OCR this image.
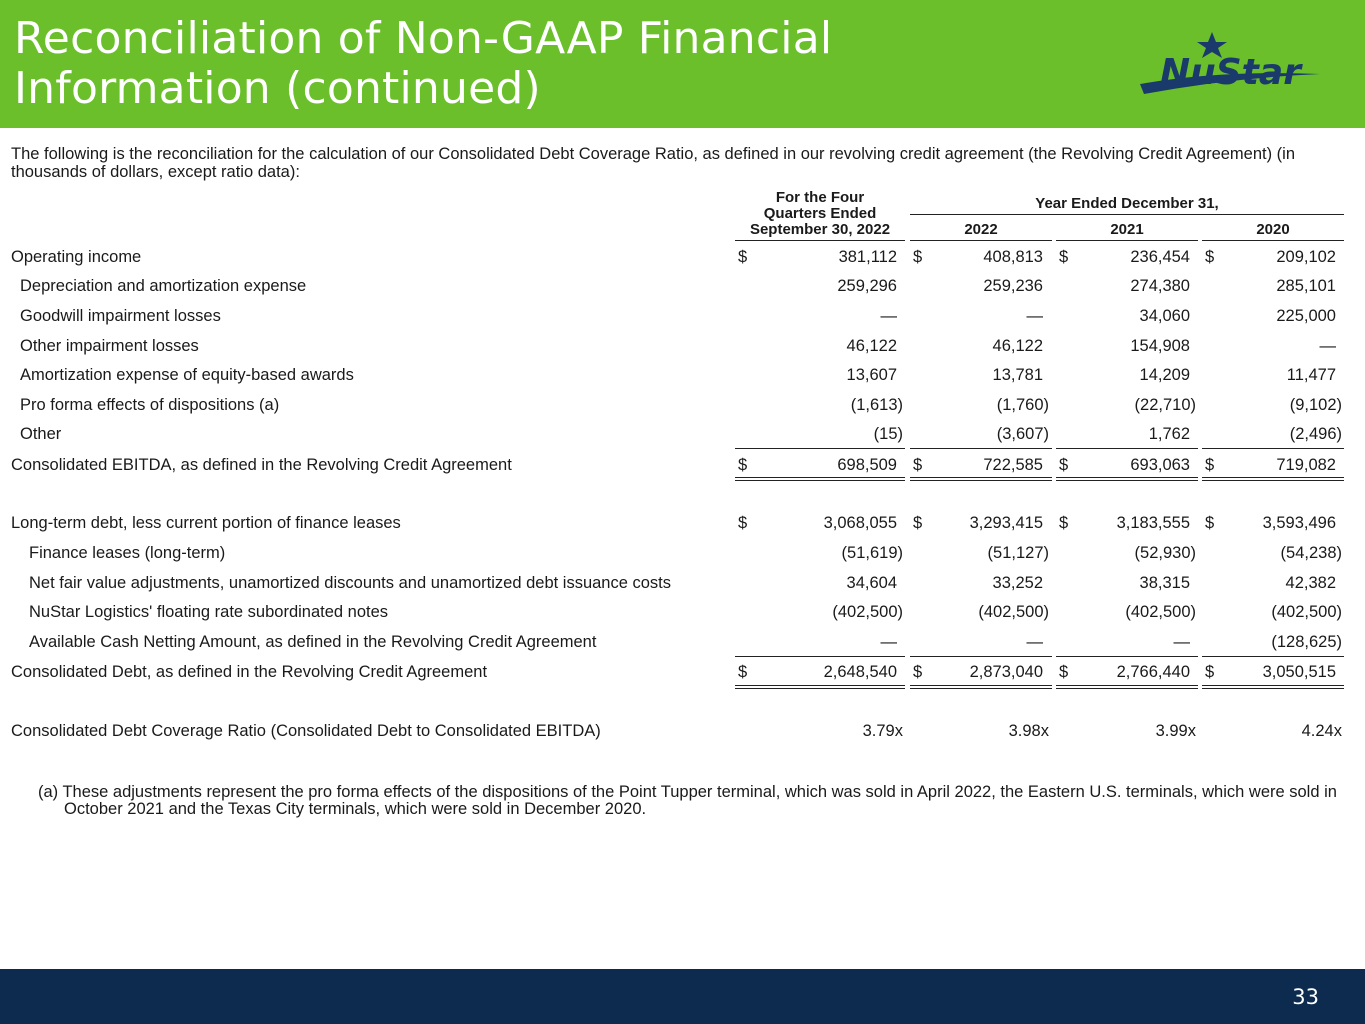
Reconciliation of Non-GAAP Financial
Information (continued)	NuStar
The following is the reconciliation for the calculation of our Consolidated Debt Coverage Ratio, as defined in our revolving credit agreement (the Revolving Credit Agreement) (in thousands of dollars, except ratio data):
For the Four
Quarters Ended
September 30, 2022
Year Ended December 31,
2022	2021	2020
Operating income	$	381,112 $	408,813 $	236,454 $	209,102
Depreciation and amortization expense	259,296	259,236	274,380	285,101
Goodwill impairment losses	—	—	34,060	225,000
Other impairment losses	46,122	46,122	154,908	—
Amortization expense of equity-based awards	13,607	13,781	14,209	11,477
Pro forma effects of dispositions (a)	(1,613)	(1,760)	(22,710)	(9,102)
Other	(15)	(3,607)	1,762	(2,496)
Consolidated EBITDA, as defined in the Revolving Credit Agreement	$	698,509 $	722,585 $	693,063 $	719,082
Long-term debt, less current portion of finance leases	$	3,068,055 $	3,293,415 $	3,183,555 $	3,593,496
Finance leases (long-term)	(51,619)	(51,127)	(52,930)	(54,238)
Net fair value adjustments, unamortized discounts and unamortized debt issuance costs	34,604	33,252	38,315	42,382
NuStar Logistics' floating rate subordinated notes	(402,500)	(402,500)	(402,500)	(402,500)
Available Cash Netting Amount, as defined in the Revolving Credit Agreement	—	—	—	(128,625)
Consolidated Debt, as defined in the Revolving Credit Agreement	$	2,648,540 $	2,873,040 $	2,766,440 $	3,050,515
Consolidated Debt Coverage Ratio (Consolidated Debt to Consolidated EBITDA)	3.79x	3.98x	3.99x	4.24x
(a) These adjustments represent the pro forma effects of the dispositions of the Point Tupper terminal, which was sold in April 2022, the Eastern U.S. terminals, which were sold in October 2021 and the Texas City terminals, which were sold in December 2020.
33
